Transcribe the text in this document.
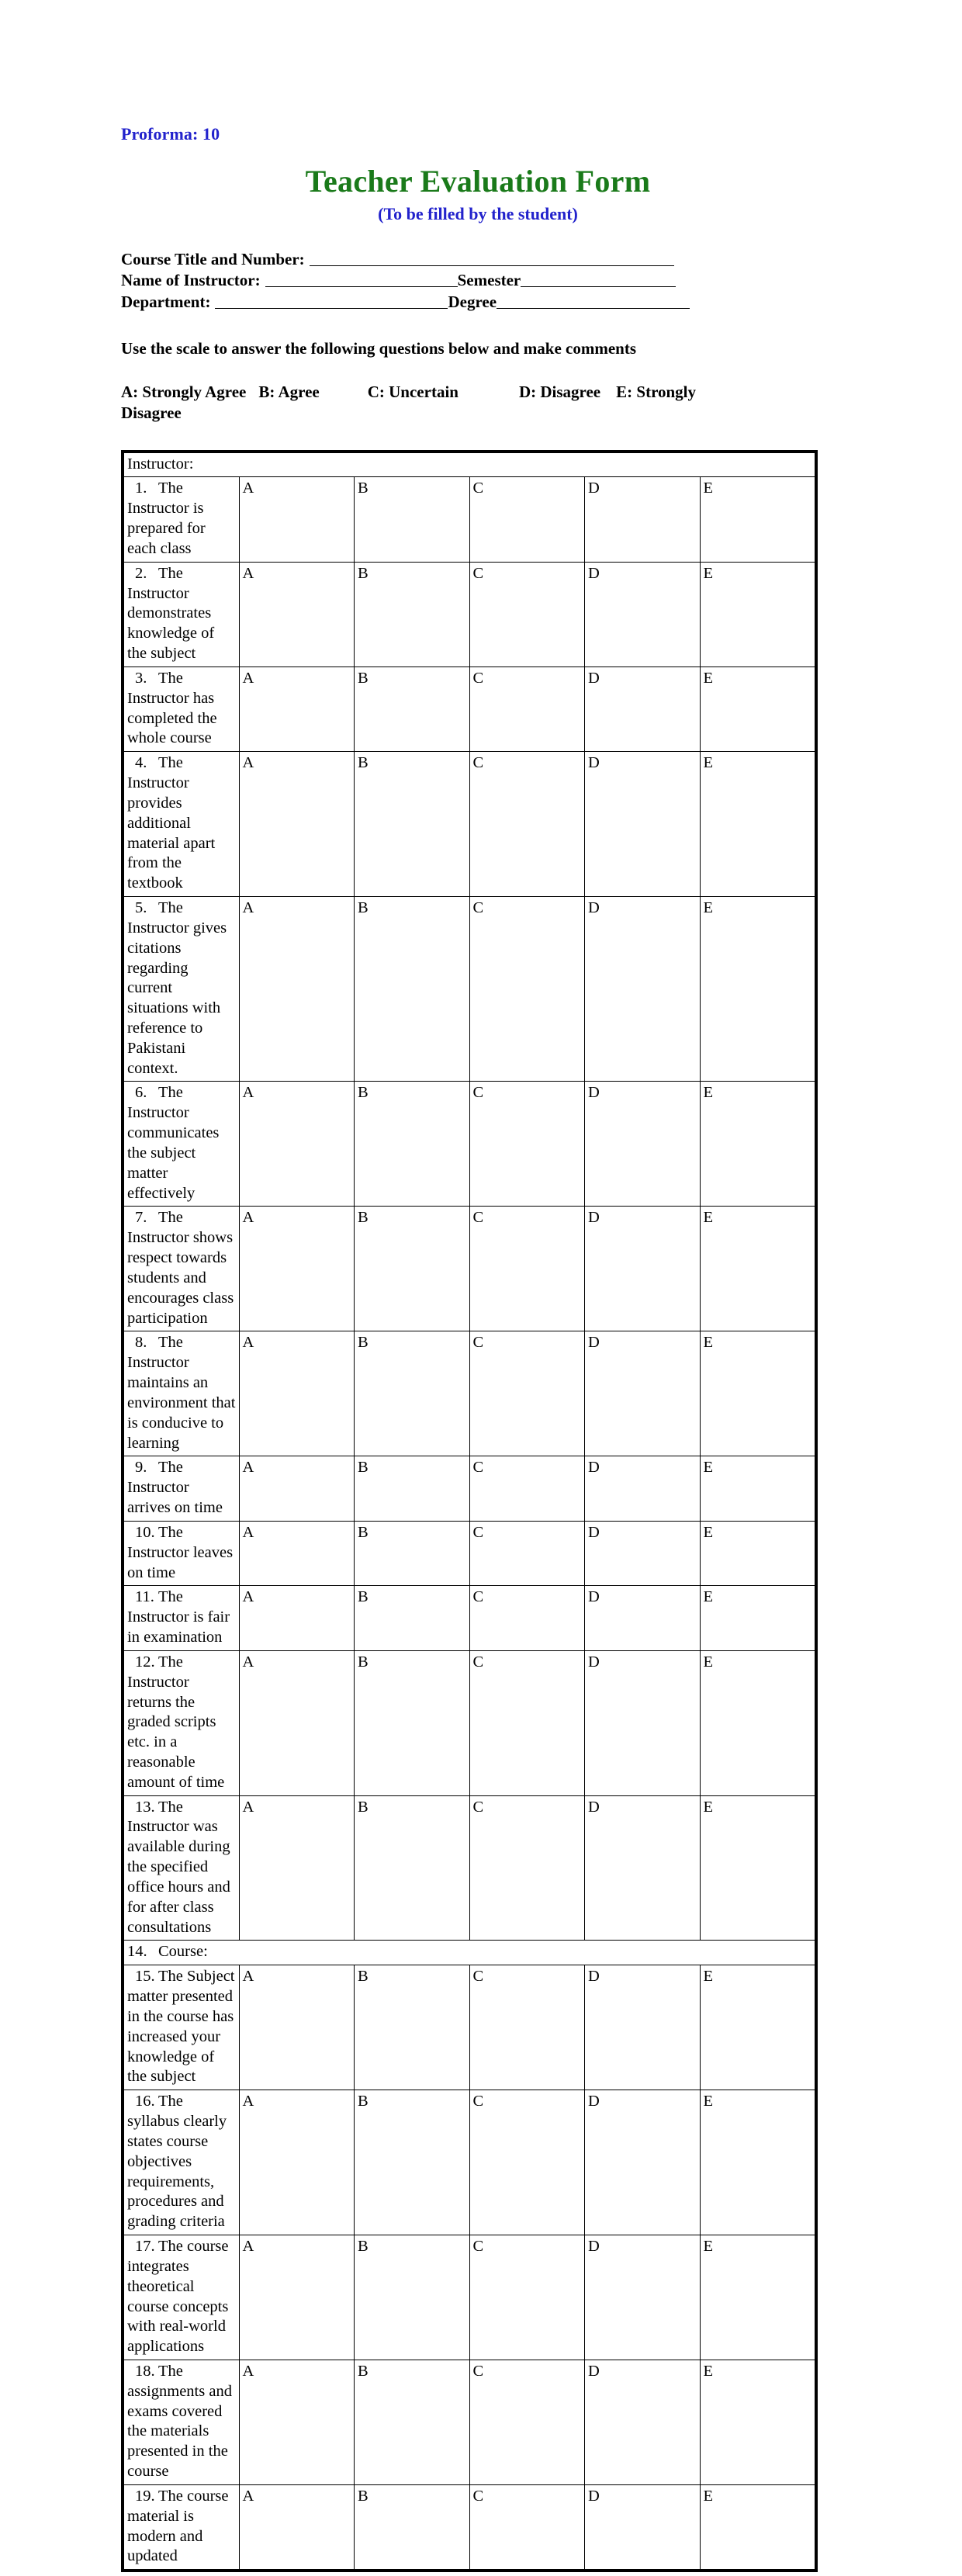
Proforma: 10
Teacher Evaluation Form
(To be filled by the student)
Course Title and Number:
Name of Instructor:	Semester
Department:	Degree
Use the scale to answer the following questions below and make comments
A: Strongly Agree B: Agree	C: Uncertain	D: Disagree E: Strongly Disagree
Instructor:					
1. The Instructor is prepared for each class	A	B	C	D	E
2. The Instructor demonstrates knowledge of the subject	A	B	C	D	E
3. The Instructor has completed the whole course	A	B	C	D	E
4. The Instructor provides additional material apart from the textbook	A	B	C	D	E
5. The Instructor gives citations regarding current situations with reference to Pakistani context.	A	B	C	D	E
6. The Instructor communicates the subject matter effectively	A	B	C	D	E
7. The Instructor shows respect towards students and encourages class participation	A	B	C	D	E
8. The Instructor maintains an environment that is conducive to learning	A	B	C	D	E
9. The Instructor arrives on time	A	B	C	D	E
10. The Instructor leaves on time	A	B	C	D	E
11. The Instructor is fair in examination	A	B	C	D	E
12. The Instructor returns the graded scripts etc. in a reasonable amount of time	A	B	C	D	E
13. The Instructor was available during the specified office hours and for after class consultations	A	B	C	D	E
14. Course:					
15. The Subject matter presented in the course has increased your knowledge of the subject	A	B	C	D	E
16. The syllabus clearly states course objectives requirements, procedures and grading criteria	A	B	C	D	E
17. The course integrates theoretical course concepts with real-world applications	A	B	C	D	E
18. The assignments and exams covered the materials presented in the course	A	B	C	D	E
19. The course material is modern and updated	A	B	C	D	E
